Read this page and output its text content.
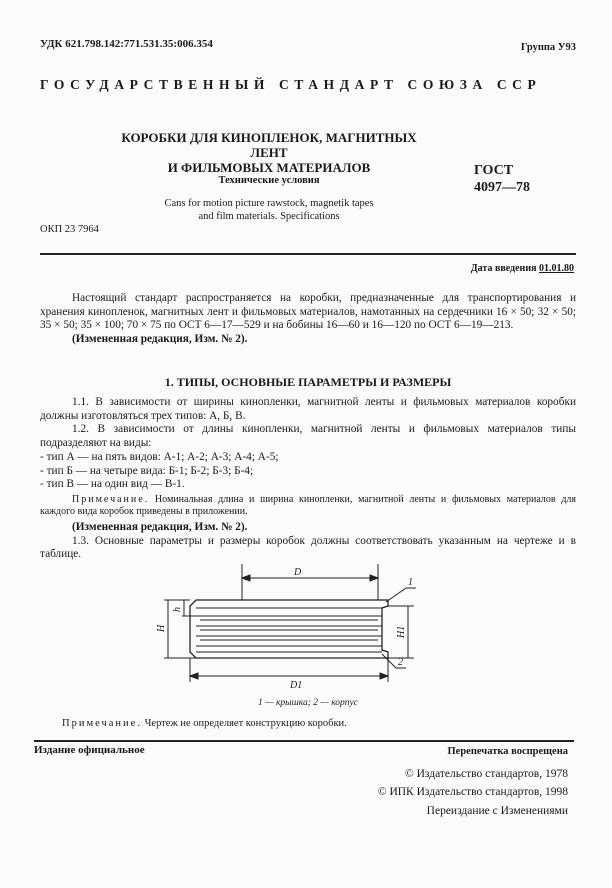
УДК 621.798.142:771.531.35:006.354	Группа У93
ГОСУДАРСТВЕННЫЙ СТАНДАРТ СОЮЗА ССР
КОРОБКИ ДЛЯ КИНОПЛЕНОК, МАГНИТНЫХ ЛЕНТ
И ФИЛЬМОВЫХ МАТЕРИАЛОВ
Технические условия
Cans for motion picture rawstock, magnetik tapes
and film materials. Specifications
ГОСТ
4097—78
ОКП 23 7964
Дата введения 01.01.80

Настоящий стандарт распространяется на коробки, предназначенные для транспортирования и хранения кинопленок, магнитных лент и фильмовых материалов, намотанных на сердечники 16 × 50; 32 × 50; 35 × 50; 35 × 100; 70 × 75 по ОСТ 6—17—529 и на бобины 16—60 и 16—120 по ОСТ 6—19—213.

(Измененная редакция, Изм. № 2).

1. ТИПЫ, ОСНОВНЫЕ ПАРАМЕТРЫ И РАЗМЕРЫ

1.1. В зависимости от ширины кинопленки, магнитной ленты и фильмовых материалов коробки должны изготовляться трех типов: А, Б, В.

1.2. В зависимости от длины кинопленки, магнитной ленты и фильмовых материалов типы подразделяют на виды:

- тип А — на пять видов: А-1; А-2; А-3; А-4; А-5;

- тип Б — на четыре вида: Б-1; Б-2; Б-3; Б-4;

- тип В — на один вид — В-1.

Примечание. Номинальная длина и ширина кинопленки, магнитной ленты и фильмовых материалов для каждого вида коробок приведены в приложении.

(Измененная редакция, Изм. № 2).

1.3. Основные параметры и размеры коробок должны соответствовать указанным на чертеже и в таблице.

D
D1
H
h
H1
1
2
1 — крышка; 2 — корпус
Примечание. Чертеж не определяет конструкцию коробки.
Издание официальное	Перепечатка воспрещена
© Издательство стандартов, 1978
© ИПК Издательство стандартов, 1998
Переиздание с Изменениями
